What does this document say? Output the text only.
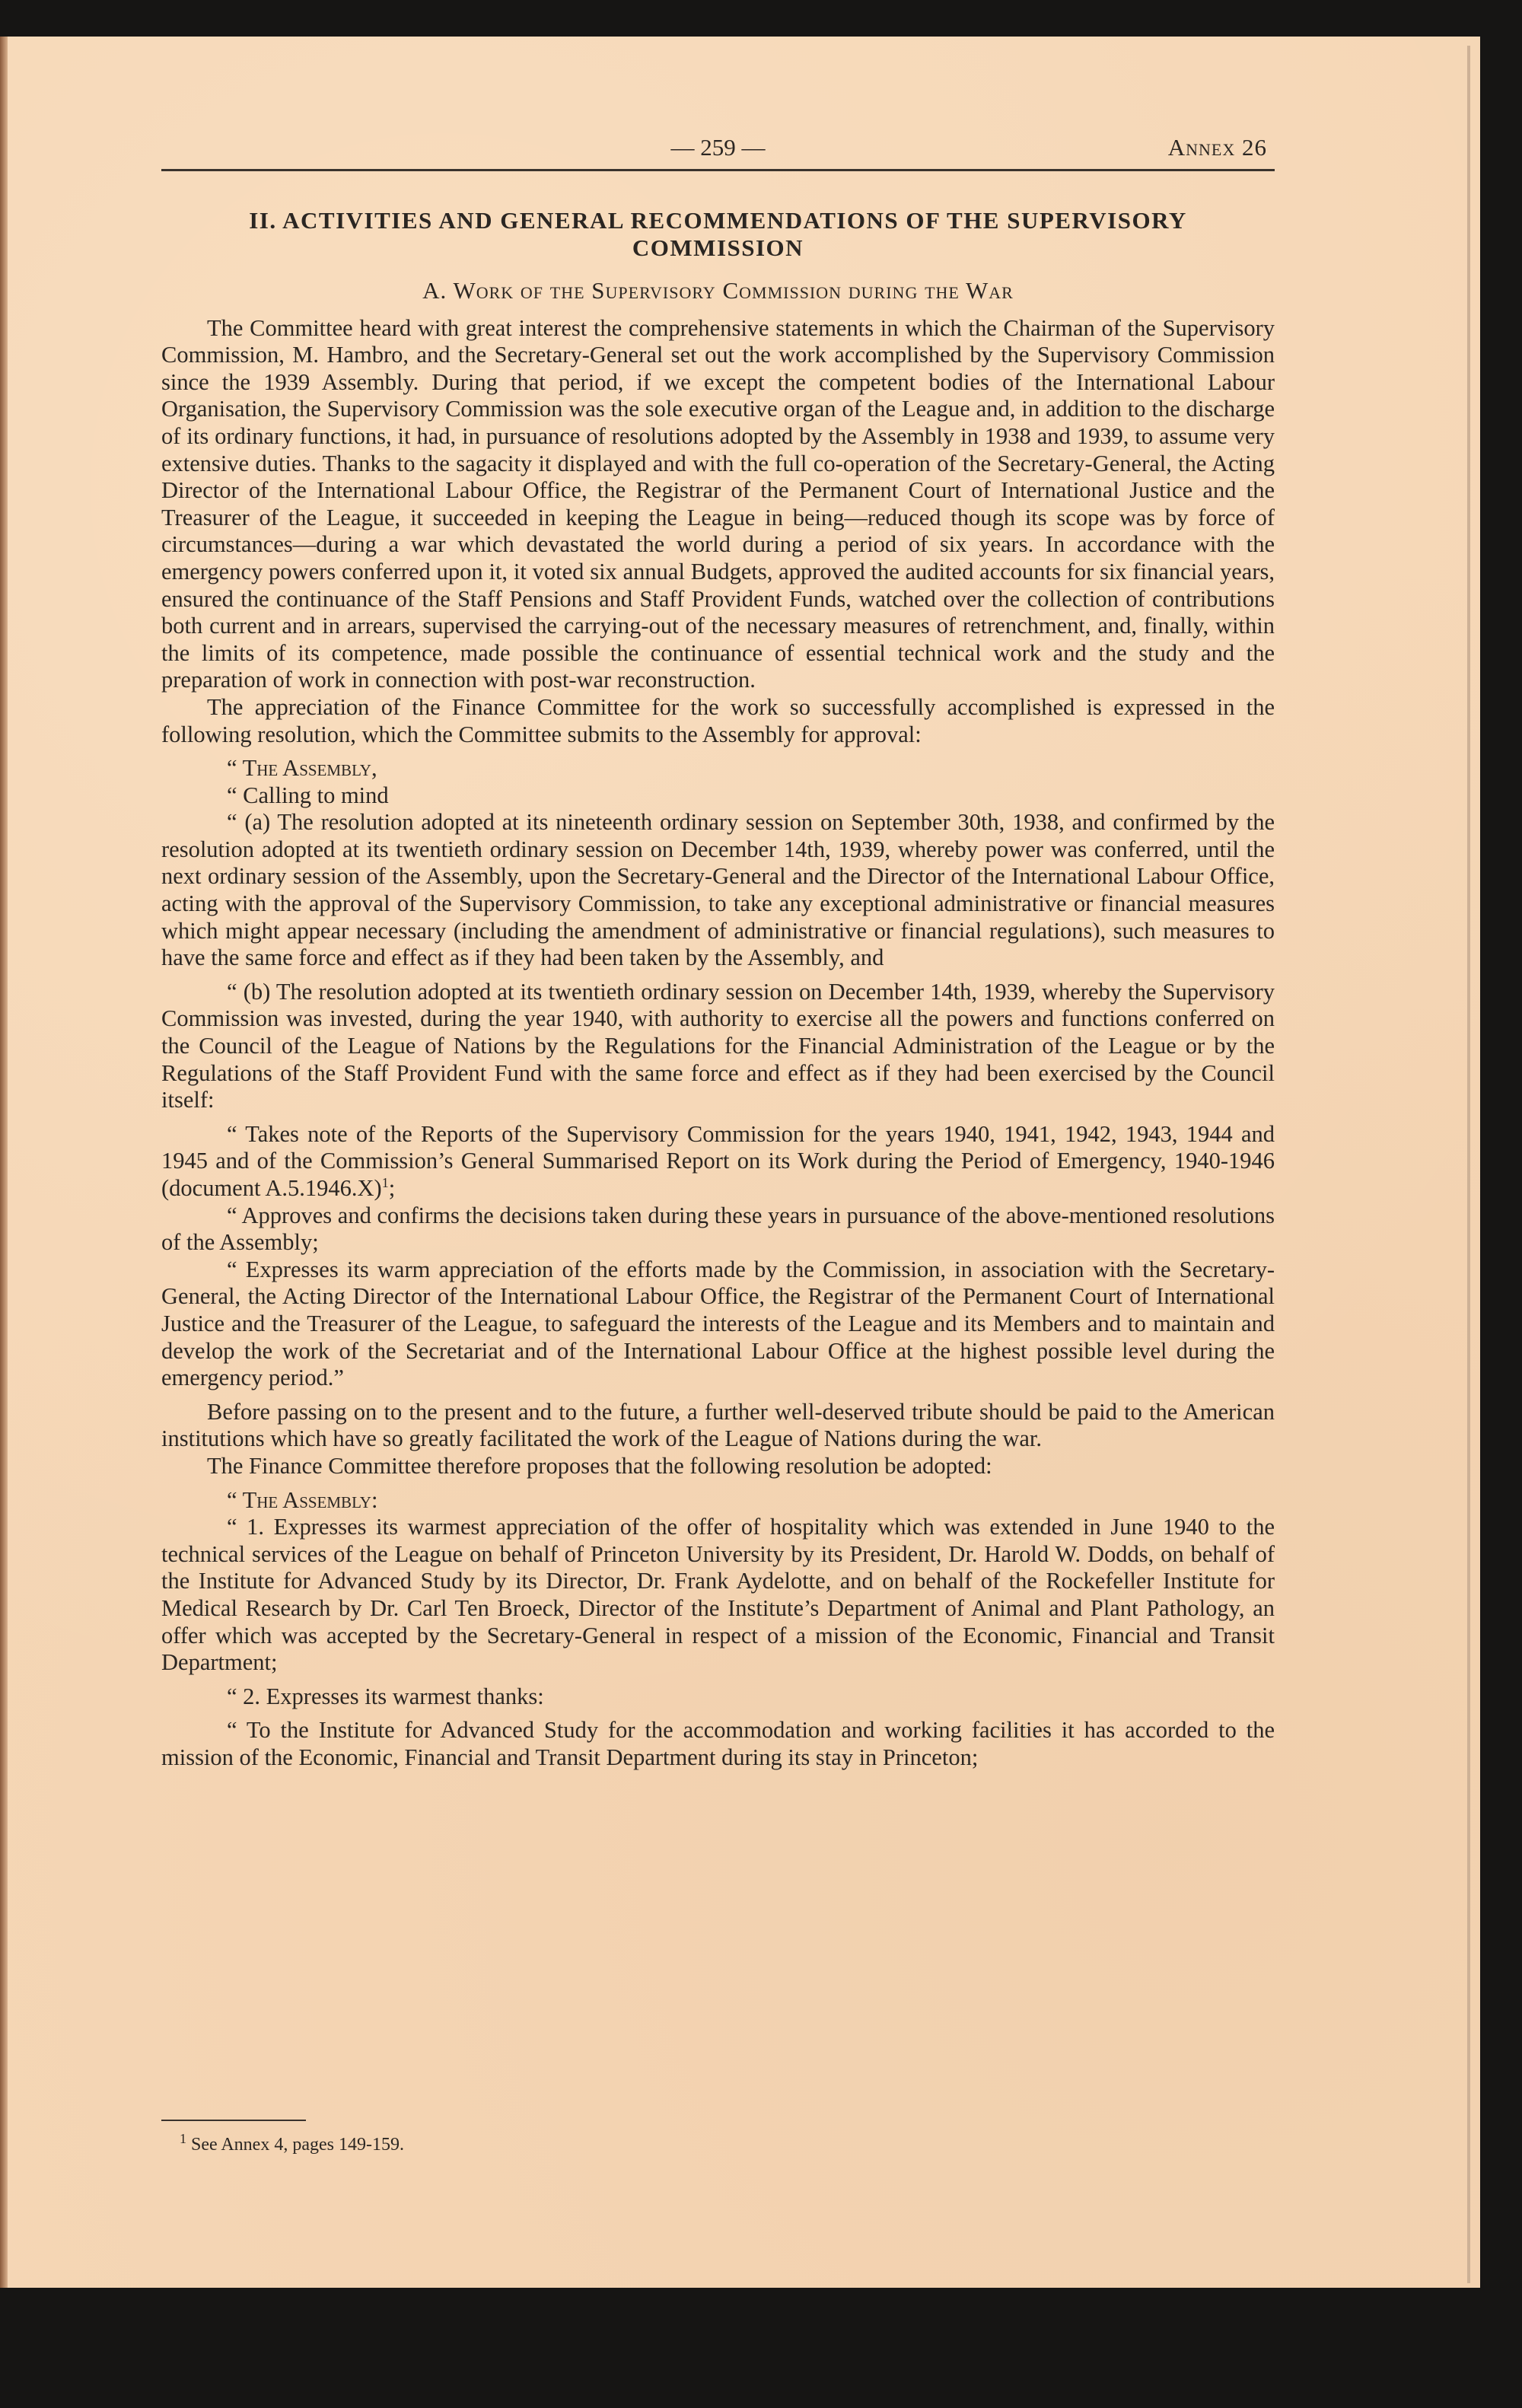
— 259 —	Annex 26
II. ACTIVITIES AND GENERAL RECOMMENDATIONS OF THE SUPERVISORY COMMISSION
A. Work of the Supervisory Commission during the War

The Committee heard with great interest the comprehensive statements in which the Chairman of the Supervisory Commission, M. Hambro, and the Secretary-General set out the work accomplished by the Supervisory Commission since the 1939 Assembly. During that period, if we except the competent bodies of the International Labour Organisation, the Supervisory Commission was the sole executive organ of the League and, in addition to the discharge of its ordinary functions, it had, in pursuance of resolutions adopted by the Assembly in 1938 and 1939, to assume very extensive duties. Thanks to the sagacity it displayed and with the full co-operation of the Secretary-General, the Acting Director of the International Labour Office, the Registrar of the Permanent Court of International Justice and the Treasurer of the League, it succeeded in keeping the League in being—reduced though its scope was by force of circumstances—during a war which devastated the world during a period of six years. In accordance with the emergency powers conferred upon it, it voted six annual Budgets, approved the audited accounts for six financial years, ensured the continuance of the Staff Pensions and Staff Provident Funds, watched over the collection of contributions both current and in arrears, supervised the carrying-out of the necessary measures of retrenchment, and, finally, within the limits of its competence, made possible the continuance of essential technical work and the study and the preparation of work in connection with post-war reconstruction.

The appreciation of the Finance Committee for the work so successfully accomplished is expressed in the following resolution, which the Committee submits to the Assembly for approval:

“ The Assembly,

“ Calling to mind

“ (a) The resolution adopted at its nineteenth ordinary session on September 30th, 1938, and confirmed by the resolution adopted at its twentieth ordinary session on December 14th, 1939, whereby power was conferred, until the next ordinary session of the Assembly, upon the Secretary-General and the Director of the International Labour Office, acting with the approval of the Supervisory Commission, to take any exceptional administrative or financial measures which might appear necessary (including the amendment of administrative or financial regulations), such measures to have the same force and effect as if they had been taken by the Assembly, and

“ (b) The resolution adopted at its twentieth ordinary session on December 14th, 1939, whereby the Supervisory Commission was invested, during the year 1940, with authority to exercise all the powers and functions conferred on the Council of the League of Nations by the Regulations for the Financial Administration of the League or by the Regulations of the Staff Provident Fund with the same force and effect as if they had been exercised by the Council itself:

“ Takes note of the Reports of the Supervisory Commission for the years 1940, 1941, 1942, 1943, 1944 and 1945 and of the Commission’s General Summarised Report on its Work during the Period of Emergency, 1940-1946 (document A.5.1946.X)$^1$;

“ Approves and confirms the decisions taken during these years in pursuance of the above-mentioned resolutions of the Assembly;

“ Expresses its warm appreciation of the efforts made by the Commission, in association with the Secretary-General, the Acting Director of the International Labour Office, the Registrar of the Permanent Court of International Justice and the Treasurer of the League, to safeguard the interests of the League and its Members and to maintain and develop the work of the Secretariat and of the International Labour Office at the highest possible level during the emergency period.”

Before passing on to the present and to the future, a further well-deserved tribute should be paid to the American institutions which have so greatly facilitated the work of the League of Nations during the war.

The Finance Committee therefore proposes that the following resolution be adopted:

“ The Assembly:

“ 1. Expresses its warmest appreciation of the offer of hospitality which was extended in June 1940 to the technical services of the League on behalf of Princeton University by its President, Dr. Harold W. Dodds, on behalf of the Institute for Advanced Study by its Director, Dr. Frank Aydelotte, and on behalf of the Rockefeller Institute for Medical Research by Dr. Carl Ten Broeck, Director of the Institute’s Department of Animal and Plant Pathology, an offer which was accepted by the Secretary-General in respect of a mission of the Economic, Financial and Transit Department;

“ 2. Expresses its warmest thanks:

“ To the Institute for Advanced Study for the accommodation and working facilities it has accorded to the mission of the Economic, Financial and Transit Department during its stay in Princeton;

$^1$ See Annex 4, pages 149-159.
